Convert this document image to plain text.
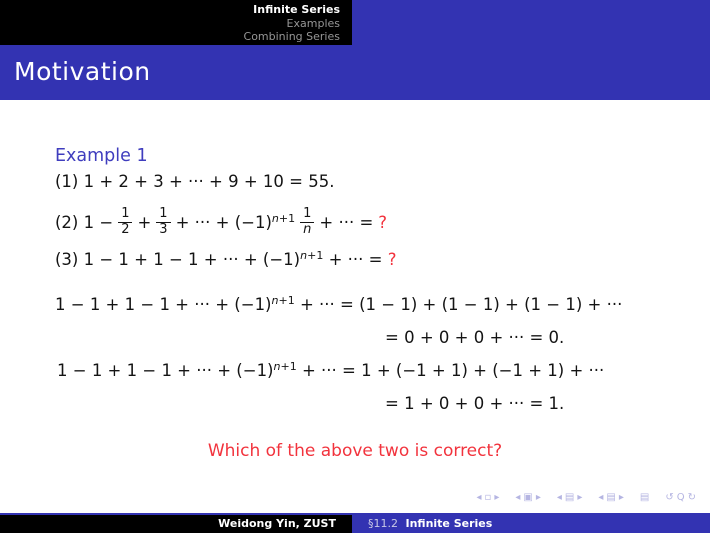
Infinite Series
Examples
Combining Series
Motivation
Example 1
(1) 1 + 2 + 3 + ··· + 9 + 10 = 55.
(2) $1 - \frac{1}{2} + \frac{1}{3}$ + ··· + $(-1)^{n+1} \frac{1}{n}$ + ··· = ?
(3) 1 − 1 + 1 − 1 + ··· + $(-1)^{n+1}$ + ··· = ?
1 − 1 + 1 − 1 + ··· + $(-1)^{n+1}$ + ··· = (1 − 1) + (1 − 1) + (1 − 1) + ···
= 0 + 0 + 0 + ··· = 0.
1 − 1 + 1 − 1 + ··· + $(-1)^{n+1}$ + ··· = 1 + (−1 + 1) + (−1 + 1) + ···
= 1 + 0 + 0 + ··· = 1.
Which of the above two is correct?
◂ ▫ ▸ ◂ ▣ ▸ ◂ ▤ ▸ ◂ ▤ ▸ ▤ ↺ Q ↻
Weidong Yin, ZUST	§11.2 Infinite Series
